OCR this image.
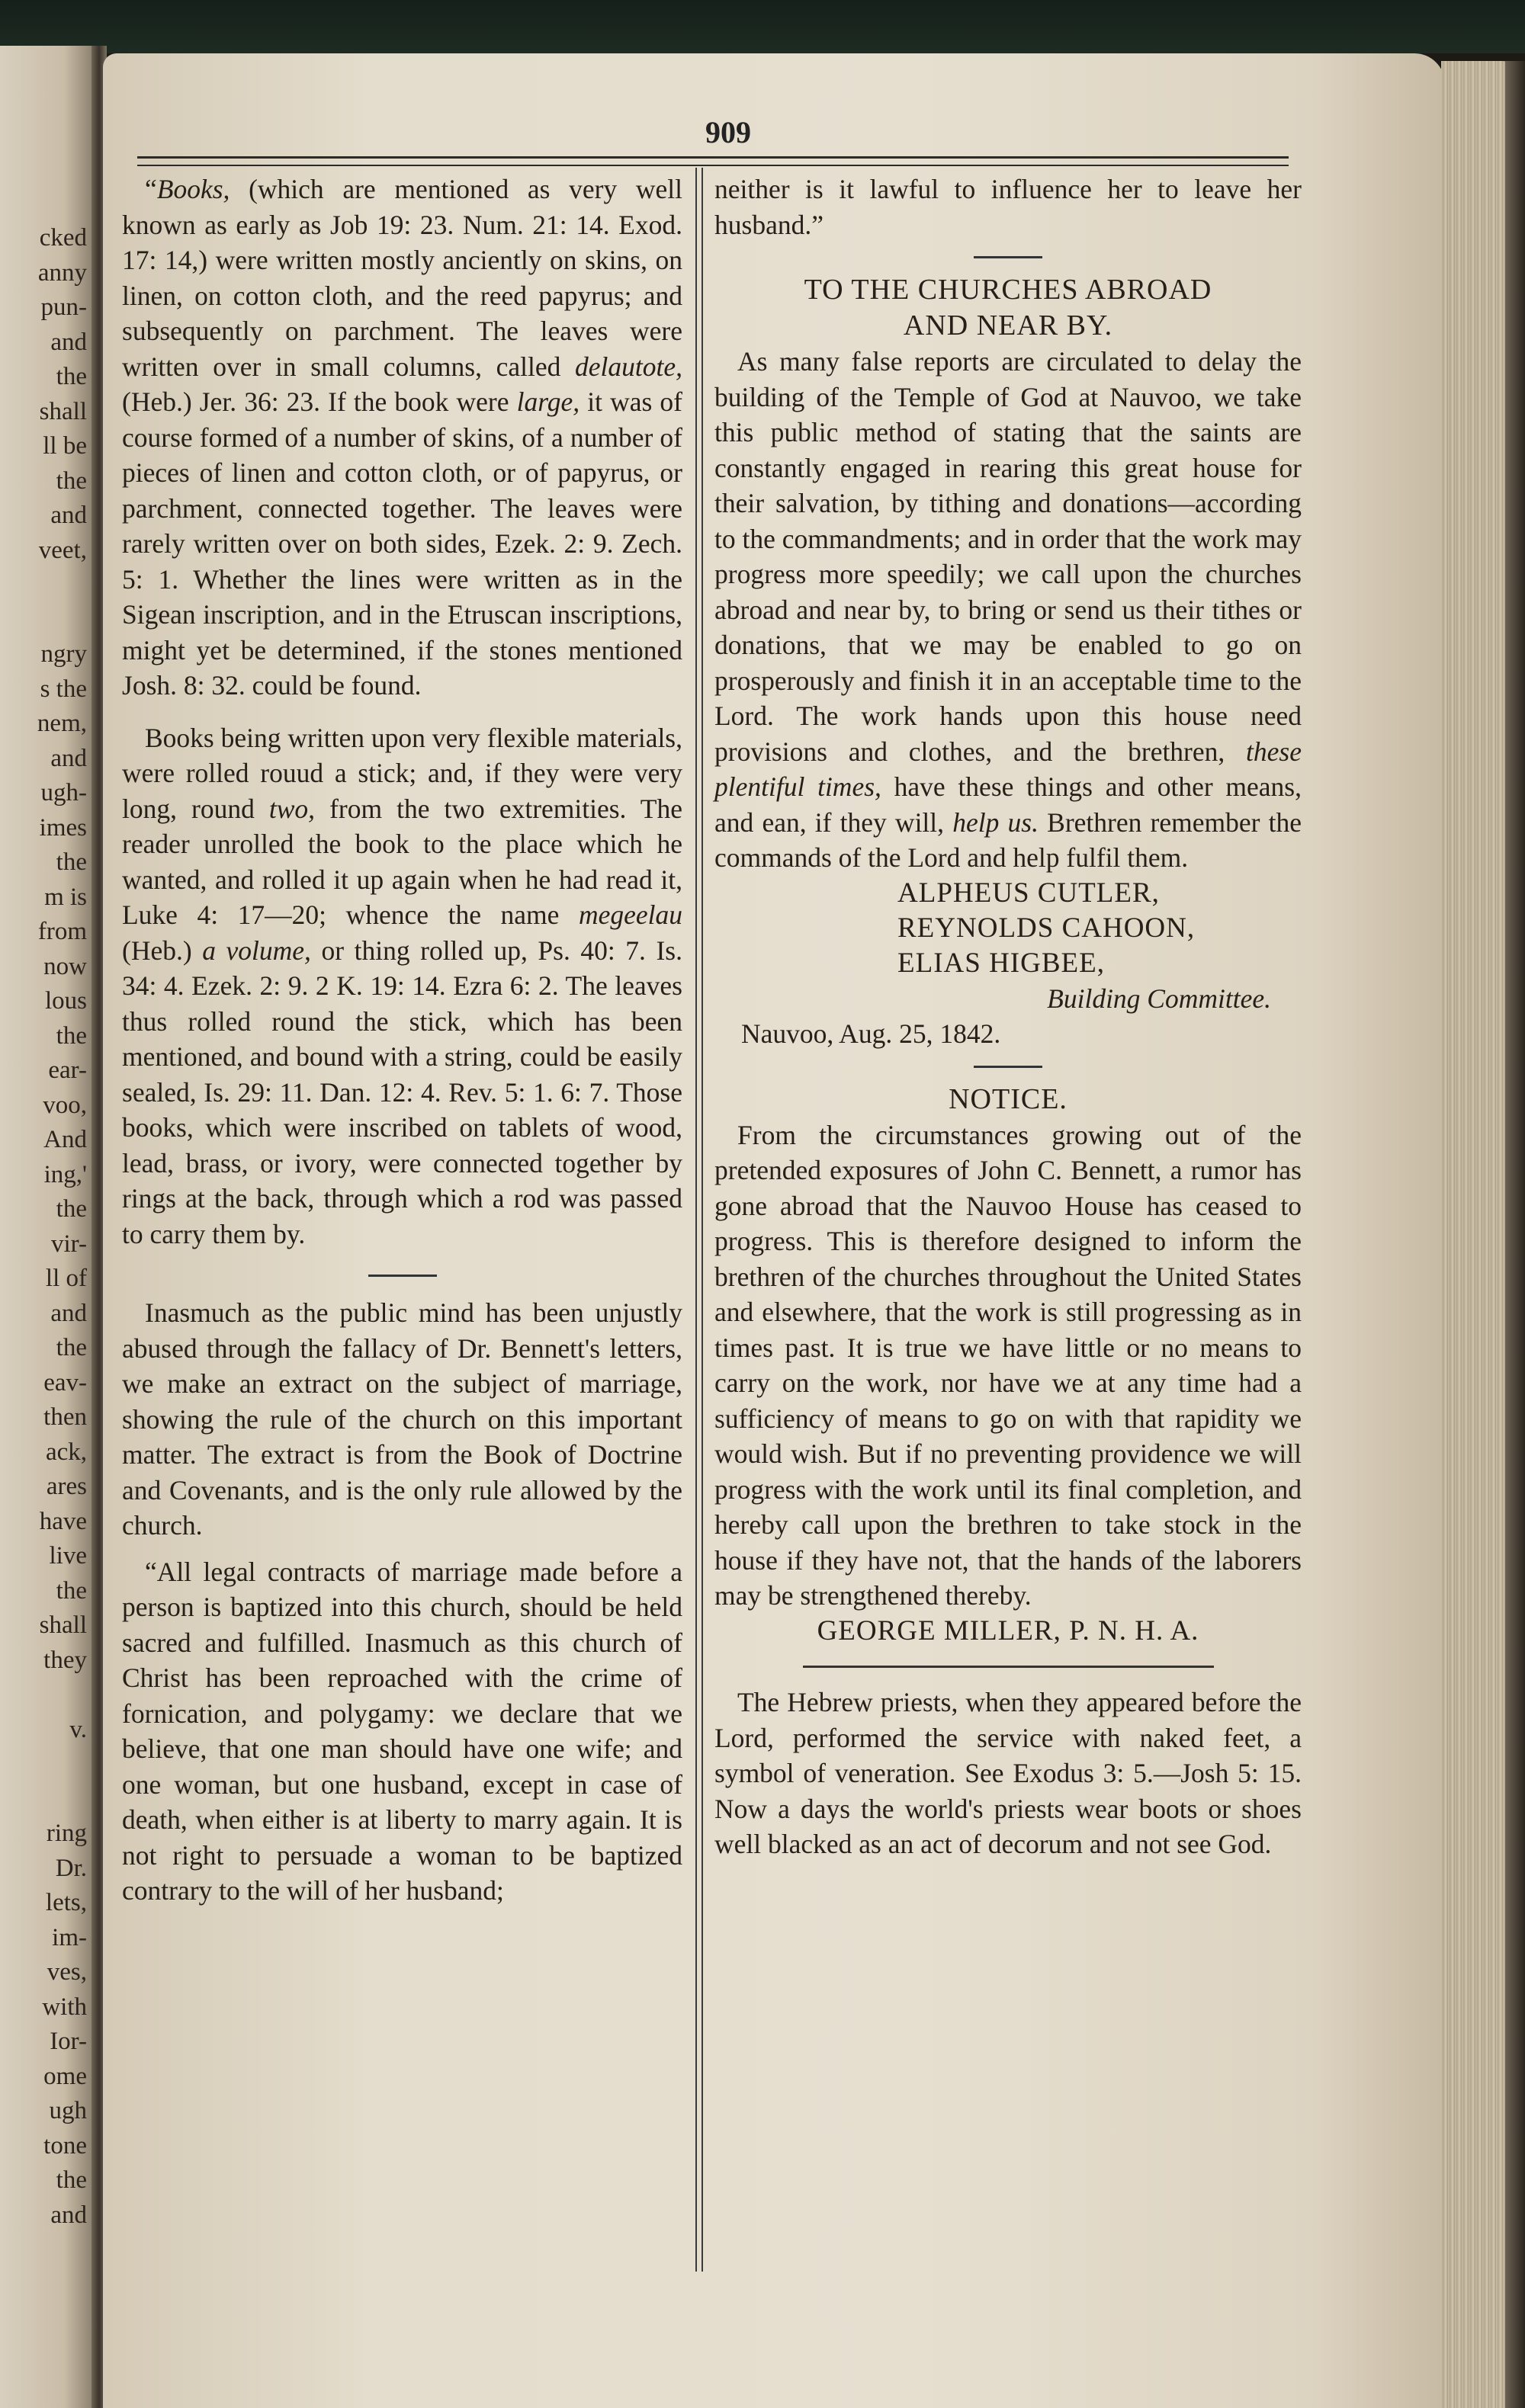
cked
anny
pun-
and
the
shall
ll be
the
and
veet,
ngry
s the
nem,
and
ugh-
imes
the
m is
from
now
lous
the
ear-
voo,
And
ing,'
the
vir-
ll of
and
the
eav-
then
ack,
ares
have
live
the
shall
they
v.
ring
Dr.
lets,
im-
ves,
with
Ior-
ome
ugh
tone
the
and
909

“Books, (which are mentioned as very well known as early as Job 19: 23. Num. 21: 14. Exod. 17: 14,) were written mostly anciently on skins, on linen, on cotton cloth, and the reed papyrus; and subsequently on parchment. The leaves were written over in small columns, called delautote, (Heb.) Jer. 36: 23. If the book were large, it was of course formed of a number of skins, of a number of pieces of linen and cotton cloth, or of papyrus, or parchment, connected together. The leaves were rarely written over on both sides, Ezek. 2: 9. Zech. 5: 1. Whether the lines were written as in the Sigean inscription, and in the Etruscan inscriptions, might yet be determined, if the stones mentioned Josh. 8: 32. could be found.

Books being written upon very flexible materials, were rolled rouud a stick; and, if they were very long, round two, from the two extremities. The reader unrolled the book to the place which he wanted, and rolled it up again when he had read it, Luke 4: 17—20; whence the name megeelau (Heb.) a volume, or thing rolled up, Ps. 40: 7. Is. 34: 4. Ezek. 2: 9. 2 K. 19: 14. Ezra 6: 2. The leaves thus rolled round the stick, which has been mentioned, and bound with a string, could be easily sealed, Is. 29: 11. Dan. 12: 4. Rev. 5: 1. 6: 7. Those books, which were inscribed on tablets of wood, lead, brass, or ivory, were connected together by rings at the back, through which a rod was passed to carry them by.

Inasmuch as the public mind has been unjustly abused through the fallacy of Dr. Bennett's letters, we make an extract on the subject of marriage, showing the rule of the church on this important matter. The extract is from the Book of Doctrine and Covenants, and is the only rule allowed by the church.

“All legal contracts of marriage made before a person is baptized into this church, should be held sacred and fulfilled. Inasmuch as this church of Christ has been reproached with the crime of fornication, and polygamy: we declare that we believe, that one man should have one wife; and one woman, but one husband, except in case of death, when either is at liberty to marry again. It is not right to persuade a woman to be baptized contrary to the will of her husband;

neither is it lawful to influence her to leave her husband.”

TO THE CHURCHES ABROAD
AND NEAR BY.

As many false reports are circulated to delay the building of the Temple of God at Nauvoo, we take this public method of stating that the saints are constantly engaged in rearing this great house for their salvation, by tithing and donations—according to the commandments; and in order that the work may progress more speedily; we call upon the churches abroad and near by, to bring or send us their tithes or donations, that we may be enabled to go on prosperously and finish it in an acceptable time to the Lord. The work hands upon this house need provisions and clothes, and the brethren, these plentiful times, have these things and other means, and ean, if they will, help us. Brethren remember the commands of the Lord and help fulfil them.

ALPHEUS CUTLER,
REYNOLDS CAHOON,
ELIAS HIGBEE,
Building Committee.
Nauvoo, Aug. 25, 1842.
NOTICE.

From the circumstances growing out of the pretended exposures of John C. Bennett, a rumor has gone abroad that the Nauvoo House has ceased to progress. This is therefore designed to inform the brethren of the churches throughout the United States and elsewhere, that the work is still progressing as in times past. It is true we have little or no means to carry on the work, nor have we at any time had a sufficiency of means to go on with that rapidity we would wish. But if no preventing providence we will progress with the work until its final completion, and hereby call upon the brethren to take stock in the house if they have not, that the hands of the laborers may be strengthened thereby.

GEORGE MILLER, P. N. H. A.

The Hebrew priests, when they appeared before the Lord, performed the service with naked feet, a symbol of veneration. See Exodus 3: 5.—Josh 5: 15. Now a days the world's priests wear boots or shoes well blacked as an act of decorum and not see God.
